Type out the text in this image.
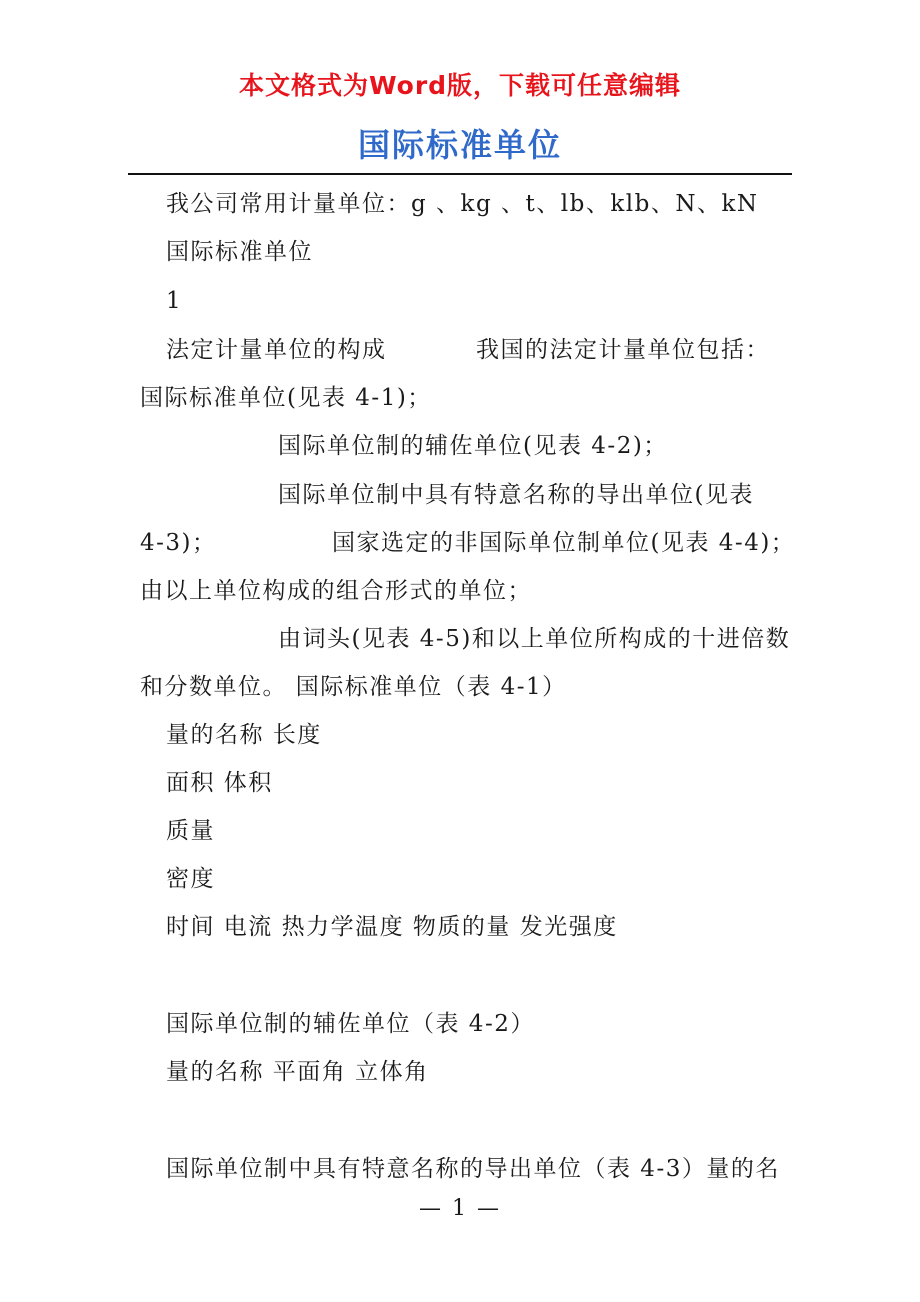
本文格式为Word版，下载可任意编辑
国际标准单位
我公司常用计量单位：g 、kg 、t、lb、klb、N、kN
国际标准单位
1
法定计量单位的构成	我国的法定计量单位包括：
国际标准单位(见表 4-1)；
国际单位制的辅佐单位(见表 4-2)；
国际单位制中具有特意名称的导出单位(见表
4-3)；	国家选定的非国际单位制单位(见表 4-4)；
由以上单位构成的组合形式的单位；
由词头(见表 4-5)和以上单位所构成的十进倍数
和分数单位。 国际标准单位（表 4-1）
量的名称 长度
面积 体积
质量
密度
时间 电流 热力学温度 物质的量 发光强度
国际单位制的辅佐单位（表 4-2）
量的名称 平面角 立体角
国际单位制中具有特意名称的导出单位（表 4-3）量的名
— 1 —
